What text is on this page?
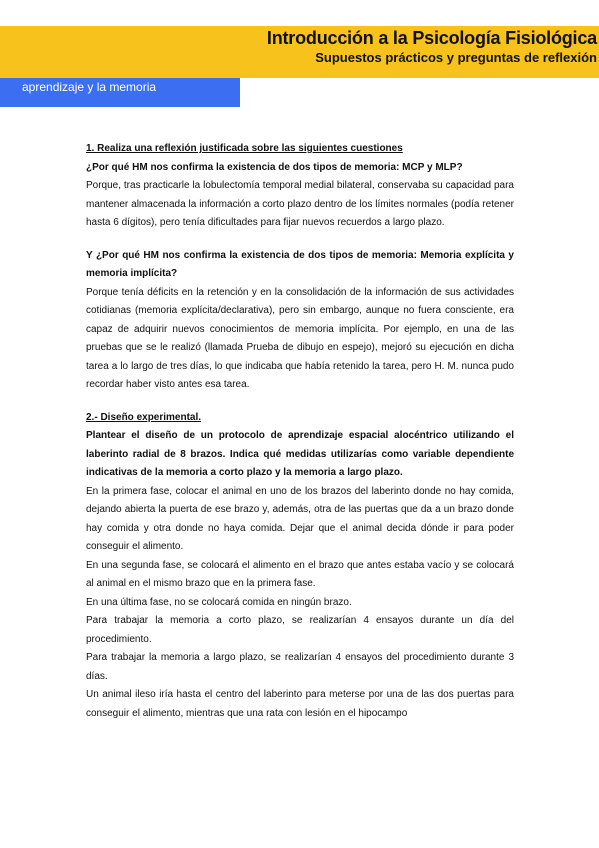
Introducción a la Psicología Fisiológica
Supuestos prácticos y preguntas de reflexión
aprendizaje y la memoria

1. Realiza una reflexión justificada sobre las siguientes cuestiones

¿Por qué HM nos confirma la existencia de dos tipos de memoria: MCP y MLP?

Porque, tras practicarle la lobulectomía temporal medial bilateral, conservaba su capacidad para mantener almacenada la información a corto plazo dentro de los límites normales (podía retener hasta 6 dígitos), pero tenía dificultades para fijar nuevos recuerdos a largo plazo.

Y ¿Por qué HM nos confirma la existencia de dos tipos de memoria: Memoria explícita y memoria implícita?

Porque tenía déficits en la retención y en la consolidación de la información de sus actividades cotidianas (memoria explícita/declarativa), pero sin embargo, aunque no fuera consciente, era capaz de adquirir nuevos conocimientos de memoria implícita. Por ejemplo, en una de las pruebas que se le realizó (llamada Prueba de dibujo en espejo), mejoró su ejecución en dicha tarea a lo largo de tres días, lo que indicaba que había retenido la tarea, pero H. M. nunca pudo recordar haber visto antes esa tarea.

2.- Diseño experimental.

Plantear el diseño de un protocolo de aprendizaje espacial alocéntrico utilizando el laberinto radial de 8 brazos. Indica qué medidas utilizarías como variable dependiente indicativas de la memoria a corto plazo y la memoria a largo plazo.

En la primera fase, colocar el animal en uno de los brazos del laberinto donde no hay comida, dejando abierta la puerta de ese brazo y, además, otra de las puertas que da a un brazo donde hay comida y otra donde no haya comida. Dejar que el animal decida dónde ir para poder conseguir el alimento.

En una segunda fase, se colocará el alimento en el brazo que antes estaba vacío y se colocará al animal en el mismo brazo que en la primera fase.

En una última fase, no se colocará comida en ningún brazo.

Para trabajar la memoria a corto plazo, se realizarían 4 ensayos durante un día del procedimiento.

Para trabajar la memoria a largo plazo, se realizarían 4 ensayos del procedimiento durante 3 días.

Un animal ileso iría hasta el centro del laberinto para meterse por una de las dos puertas para conseguir el alimento, mientras que una rata con lesión en el hipocampo
